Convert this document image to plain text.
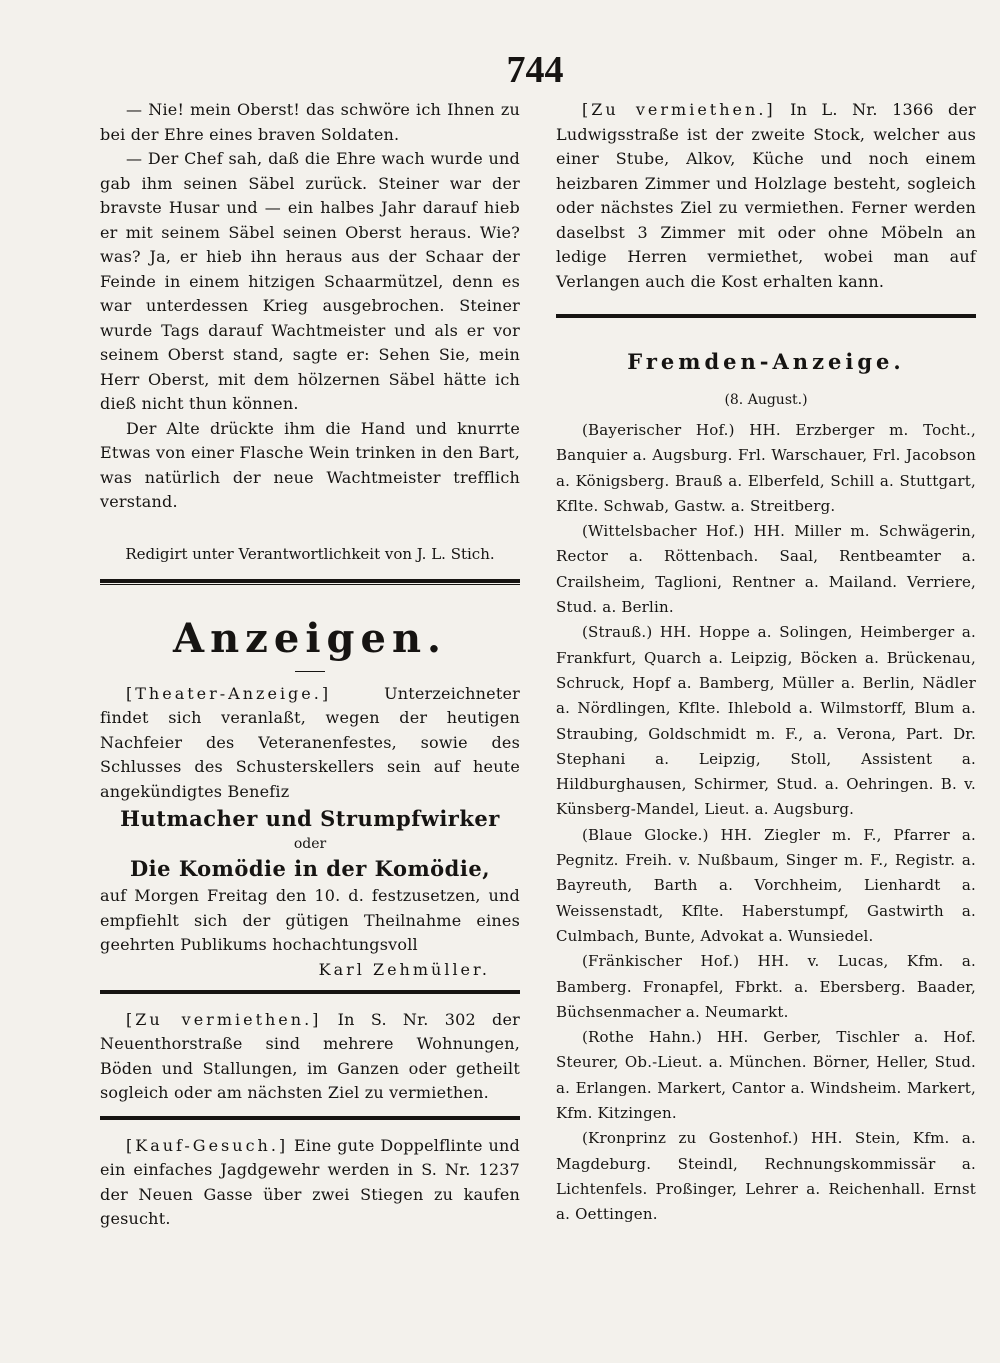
744

— Nie! mein Oberst! das schwöre ich Ihnen zu bei der Ehre eines braven Soldaten.

— Der Chef sah, daß die Ehre wach wurde und gab ihm seinen Säbel zurück. Steiner war der bravste Husar und — ein halbes Jahr darauf hieb er mit seinem Säbel seinen Oberst heraus. Wie? was? Ja, er hieb ihn heraus aus der Schaar der Feinde in einem hitzigen Schaarmützel, denn es war unterdessen Krieg ausgebrochen. Steiner wurde Tags darauf Wachtmeister und als er vor seinem Oberst stand, sagte er: Sehen Sie, mein Herr Oberst, mit dem hölzernen Säbel hätte ich dieß nicht thun können.

Der Alte drückte ihm die Hand und knurrte Etwas von einer Flasche Wein trinken in den Bart, was natürlich der neue Wachtmeister trefflich verstand.

Redigirt unter Verantwortlichkeit von J. L. Stich.

Anzeigen.

[Theater-Anzeige.]	Unterzeichneter findet sich veranlaßt, wegen der heutigen Nachfeier des Veteranenfestes, sowie des Schlusses des Schusterskellers sein auf heute angekündigtes Benefiz

Hutmacher und Strumpfwirker

oder

Die Komödie in der Komödie,

auf Morgen Freitag den 10. d. festzusetzen, und empfiehlt sich der gütigen Theilnahme eines geehrten Publikums hochachtungsvoll

Karl Zehmüller.

[Zu vermiethen.] In S. Nr. 302 der Neuenthorstraße sind mehrere Wohnungen, Böden und Stallungen, im Ganzen oder getheilt sogleich oder am nächsten Ziel zu vermiethen.

[Kauf-Gesuch.] Eine gute Doppelflinte und ein einfaches Jagdgewehr werden in S. Nr. 1237 der Neuen Gasse über zwei Stiegen zu kaufen gesucht.

[Zu vermiethen.] In L. Nr. 1366 der Ludwigsstraße ist der zweite Stock, welcher aus einer Stube, Alkov, Küche und noch einem heizbaren Zimmer und Holzlage besteht, sogleich oder nächstes Ziel zu vermiethen. Ferner werden daselbst 3 Zimmer mit oder ohne Möbeln an ledige Herren vermiethet, wobei man auf Verlangen auch die Kost erhalten kann.

Fremden-Anzeige.

(8. August.)

(Bayerischer Hof.) HH. Erzberger m. Tocht., Banquier a. Augsburg. Frl. Warschauer, Frl. Jacobson a. Königsberg. Brauß a. Elberfeld, Schill a. Stuttgart, Kflte. Schwab, Gastw. a. Streitberg.

(Wittelsbacher Hof.) HH. Miller m. Schwägerin, Rector a. Röttenbach. Saal, Rentbeamter a. Crailsheim, Taglioni, Rentner a. Mailand. Verriere, Stud. a. Berlin.

(Strauß.) HH. Hoppe a. Solingen, Heimberger a. Frankfurt, Quarch a. Leipzig, Böcken a. Brückenau, Schruck, Hopf a. Bamberg, Müller a. Berlin, Nädler a. Nördlingen, Kflte. Ihlebold a. Wilmstorff, Blum a. Straubing, Goldschmidt m. F., a. Verona, Part. Dr. Stephani a. Leipzig, Stoll, Assistent a. Hildburghausen, Schirmer, Stud. a. Oehringen. B. v. Künsberg-Mandel, Lieut. a. Augsburg.

(Blaue Glocke.) HH. Ziegler m. F., Pfarrer a. Pegnitz. Freih. v. Nußbaum, Singer m. F., Registr. a. Bayreuth, Barth a. Vorchheim, Lienhardt a. Weissenstadt, Kflte. Haberstumpf, Gastwirth a. Culmbach, Bunte, Advokat a. Wunsiedel.

(Fränkischer Hof.) HH. v. Lucas, Kfm. a. Bamberg. Fronapfel, Fbrkt. a. Ebersberg. Baader, Büchsenmacher a. Neumarkt.

(Rothe Hahn.) HH. Gerber, Tischler a. Hof. Steurer, Ob.-Lieut. a. München. Börner, Heller, Stud. a. Erlangen. Markert, Cantor a. Windsheim. Markert, Kfm. Kitzingen.

(Kronprinz zu Gostenhof.) HH. Stein, Kfm. a. Magdeburg. Steindl, Rechnungskommissär a. Lichtenfels. Proßinger, Lehrer a. Reichenhall. Ernst a. Oettingen.
